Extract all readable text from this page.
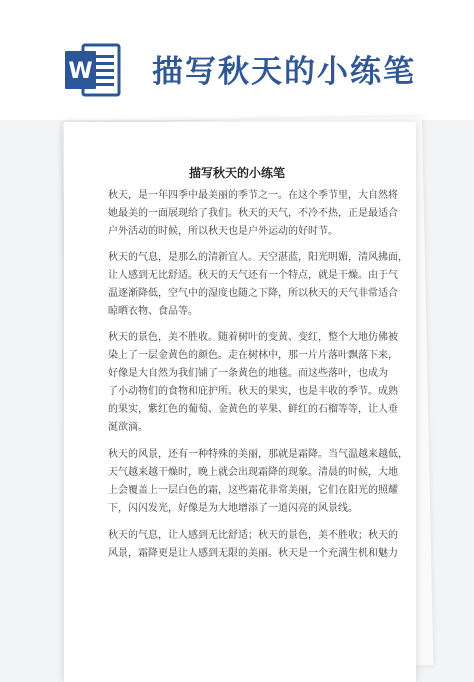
W 描写秋天的小练笔
描写秋天的小练笔
秋天，是一年四季中最美丽的季节之一。在这个季节里，大自然将
她最美的一面展现给了我们。秋天的天气，不冷不热，正是最适合
户外活动的时候，所以秋天也是户外运动的好时节。
秋天的气息，是那么的清新宜人。天空湛蓝，阳光明媚，清风拂面，
让人感到无比舒适。秋天的天气还有一个特点，就是干燥。由于气
温逐渐降低，空气中的湿度也随之下降，所以秋天的天气非常适合
晾晒衣物、食品等。
秋天的景色，美不胜收。随着树叶的变黄、变红，整个大地仿佛被
染上了一层金黄色的颜色。走在树林中，那一片片落叶飘落下来，
好像是大自然为我们铺了一条黄色的地毯。而这些落叶，也成为
了小动物们的食物和庇护所。秋天的果实，也是丰收的季节。成熟
的果实，紫红色的葡萄、金黄色的苹果、鲜红的石榴等等，让人垂
涎欲滴。
秋天的风景，还有一种特殊的美丽，那就是霜降。当气温越来越低，
天气越来越干燥时，晚上就会出现霜降的现象。清晨的时候，大地
上会覆盖上一层白色的霜，这些霜花非常美丽，它们在阳光的照耀
下，闪闪发光，好像是为大地增添了一道闪亮的风景线。
秋天的气息，让人感到无比舒适；秋天的景色，美不胜收；秋天的
风景，霜降更是让人感到无限的美丽。秋天是一个充满生机和魅力
